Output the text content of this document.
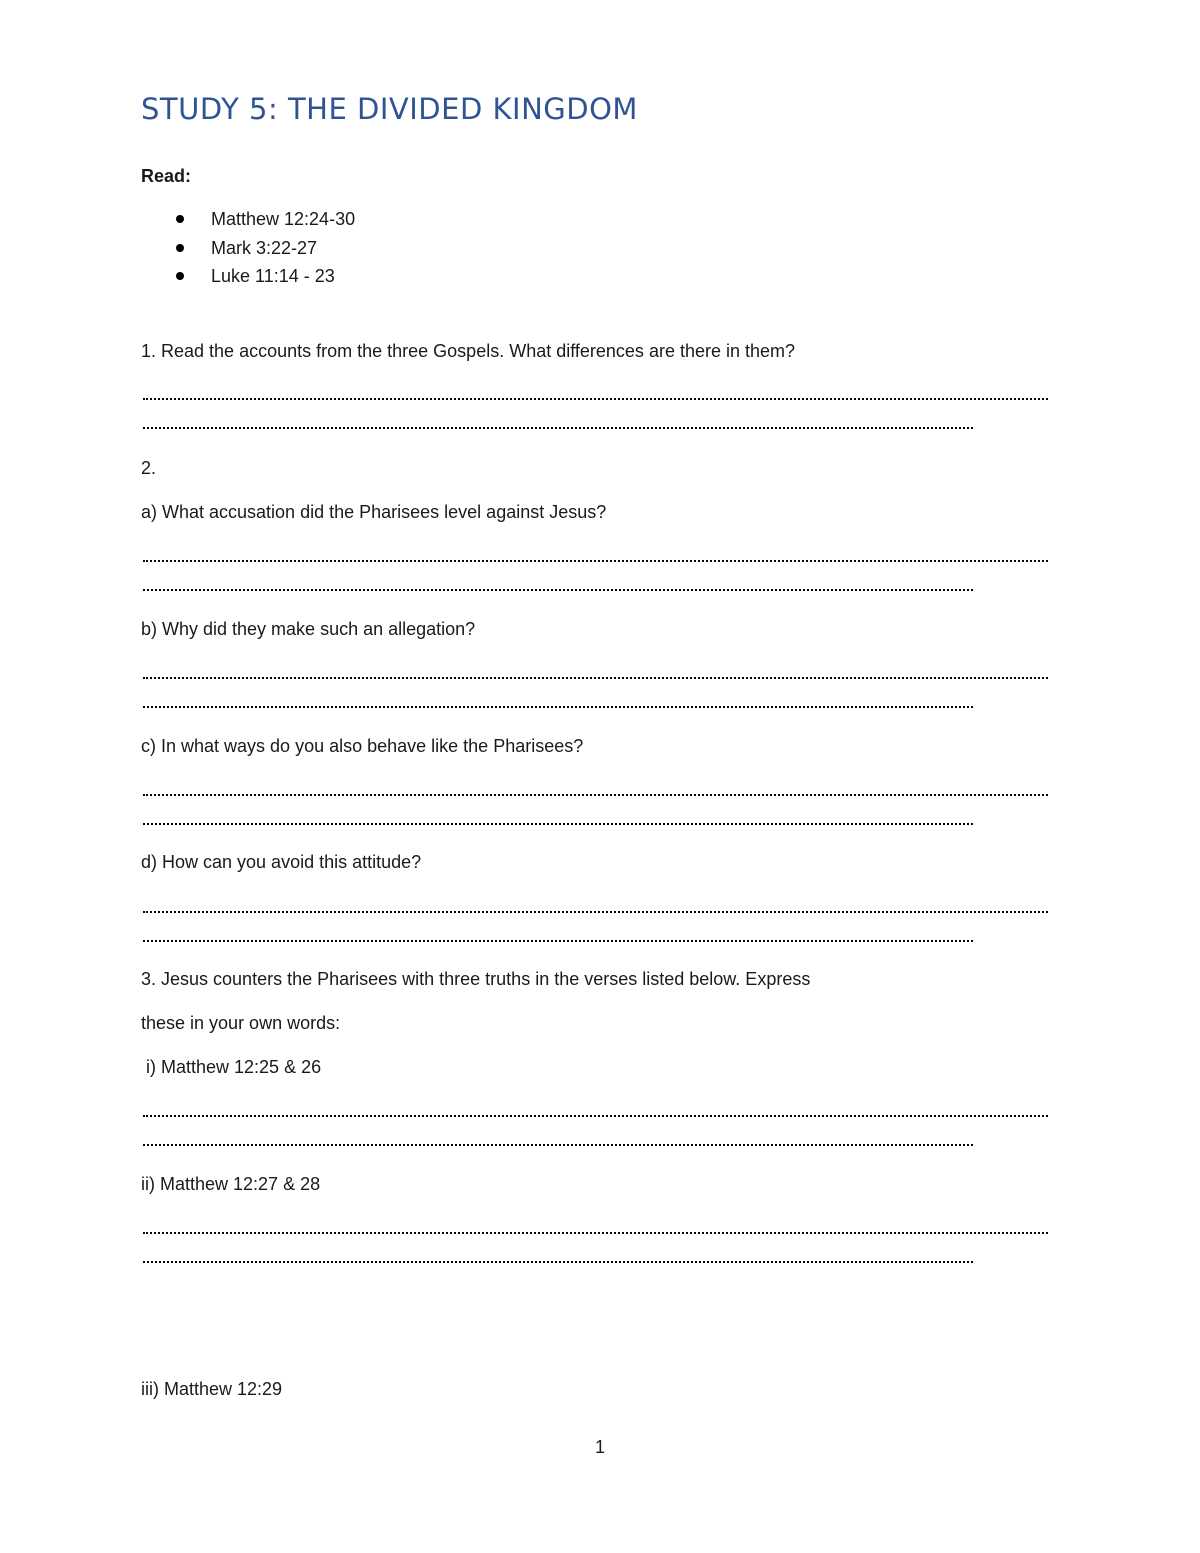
STUDY 5: THE DIVIDED KINGDOM

Read:

Matthew 12:24-30
Mark 3:22-27
Luke 11:14 - 23

1. Read the accounts from the three Gospels. What differences are there in them?

2.

a) What accusation did the Pharisees level against Jesus?

b) Why did they make such an allegation?

c) In what ways do you also behave like the Pharisees?

d) How can you avoid this attitude?

3. Jesus counters the Pharisees with three truths in the verses listed below. Express

these in your own words:

i) Matthew 12:25 & 26

ii) Matthew 12:27 & 28

iii) Matthew 12:29

1
